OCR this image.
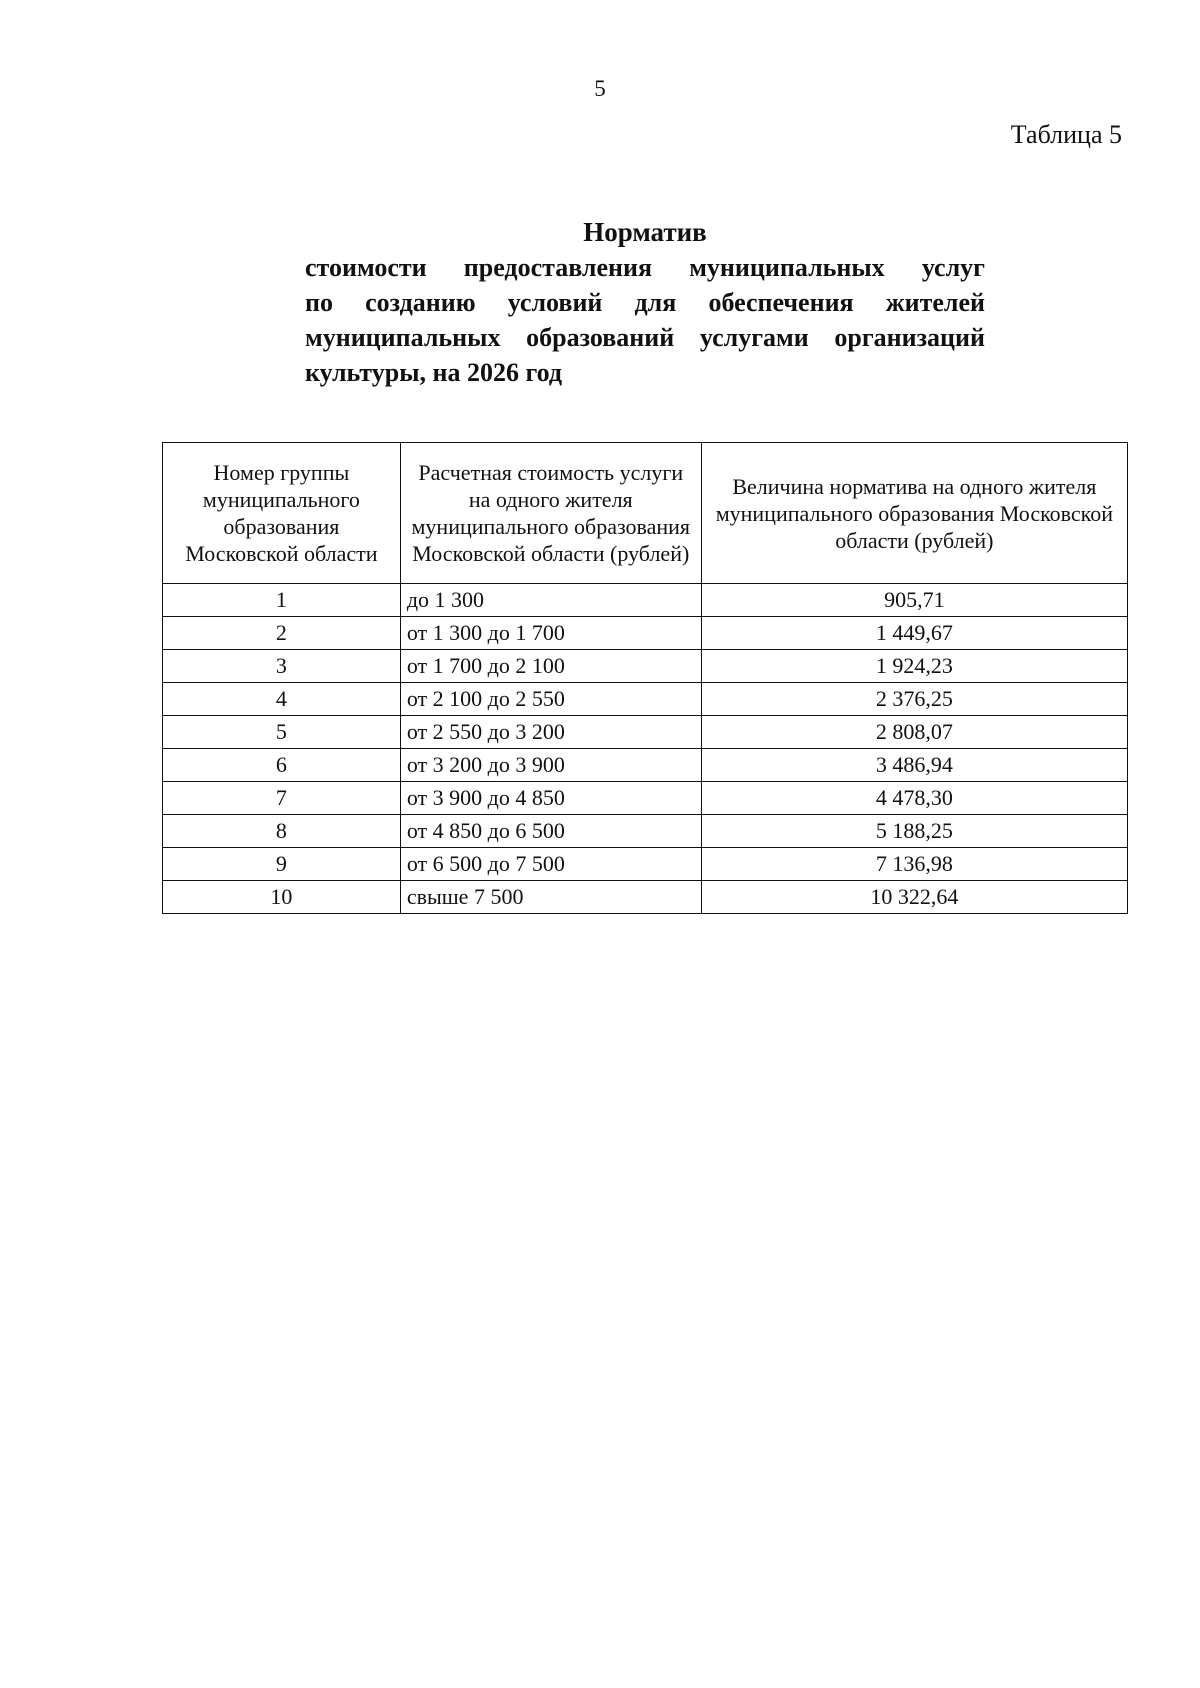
5
Таблица 5
Норматив
стоимости предоставления муниципальных услуг
по созданию условий для обеспечения жителей
муниципальных образований услугами организаций
культуры, на 2026 год
Номер группы муниципального образования Московской области	Расчетная стоимость услуги на одного жителя муниципального образования Московской области (рублей)	Величина норматива на одного жителя муниципального образования Московской области (рублей)
1	до 1 300	905,71
2	от 1 300 до 1 700	1 449,67
3	от 1 700 до 2 100	1 924,23
4	от 2 100 до 2 550	2 376,25
5	от 2 550 до 3 200	2 808,07
6	от 3 200 до 3 900	3 486,94
7	от 3 900 до 4 850	4 478,30
8	от 4 850 до 6 500	5 188,25
9	от 6 500 до 7 500	7 136,98
10	свыше 7 500	10 322,64
